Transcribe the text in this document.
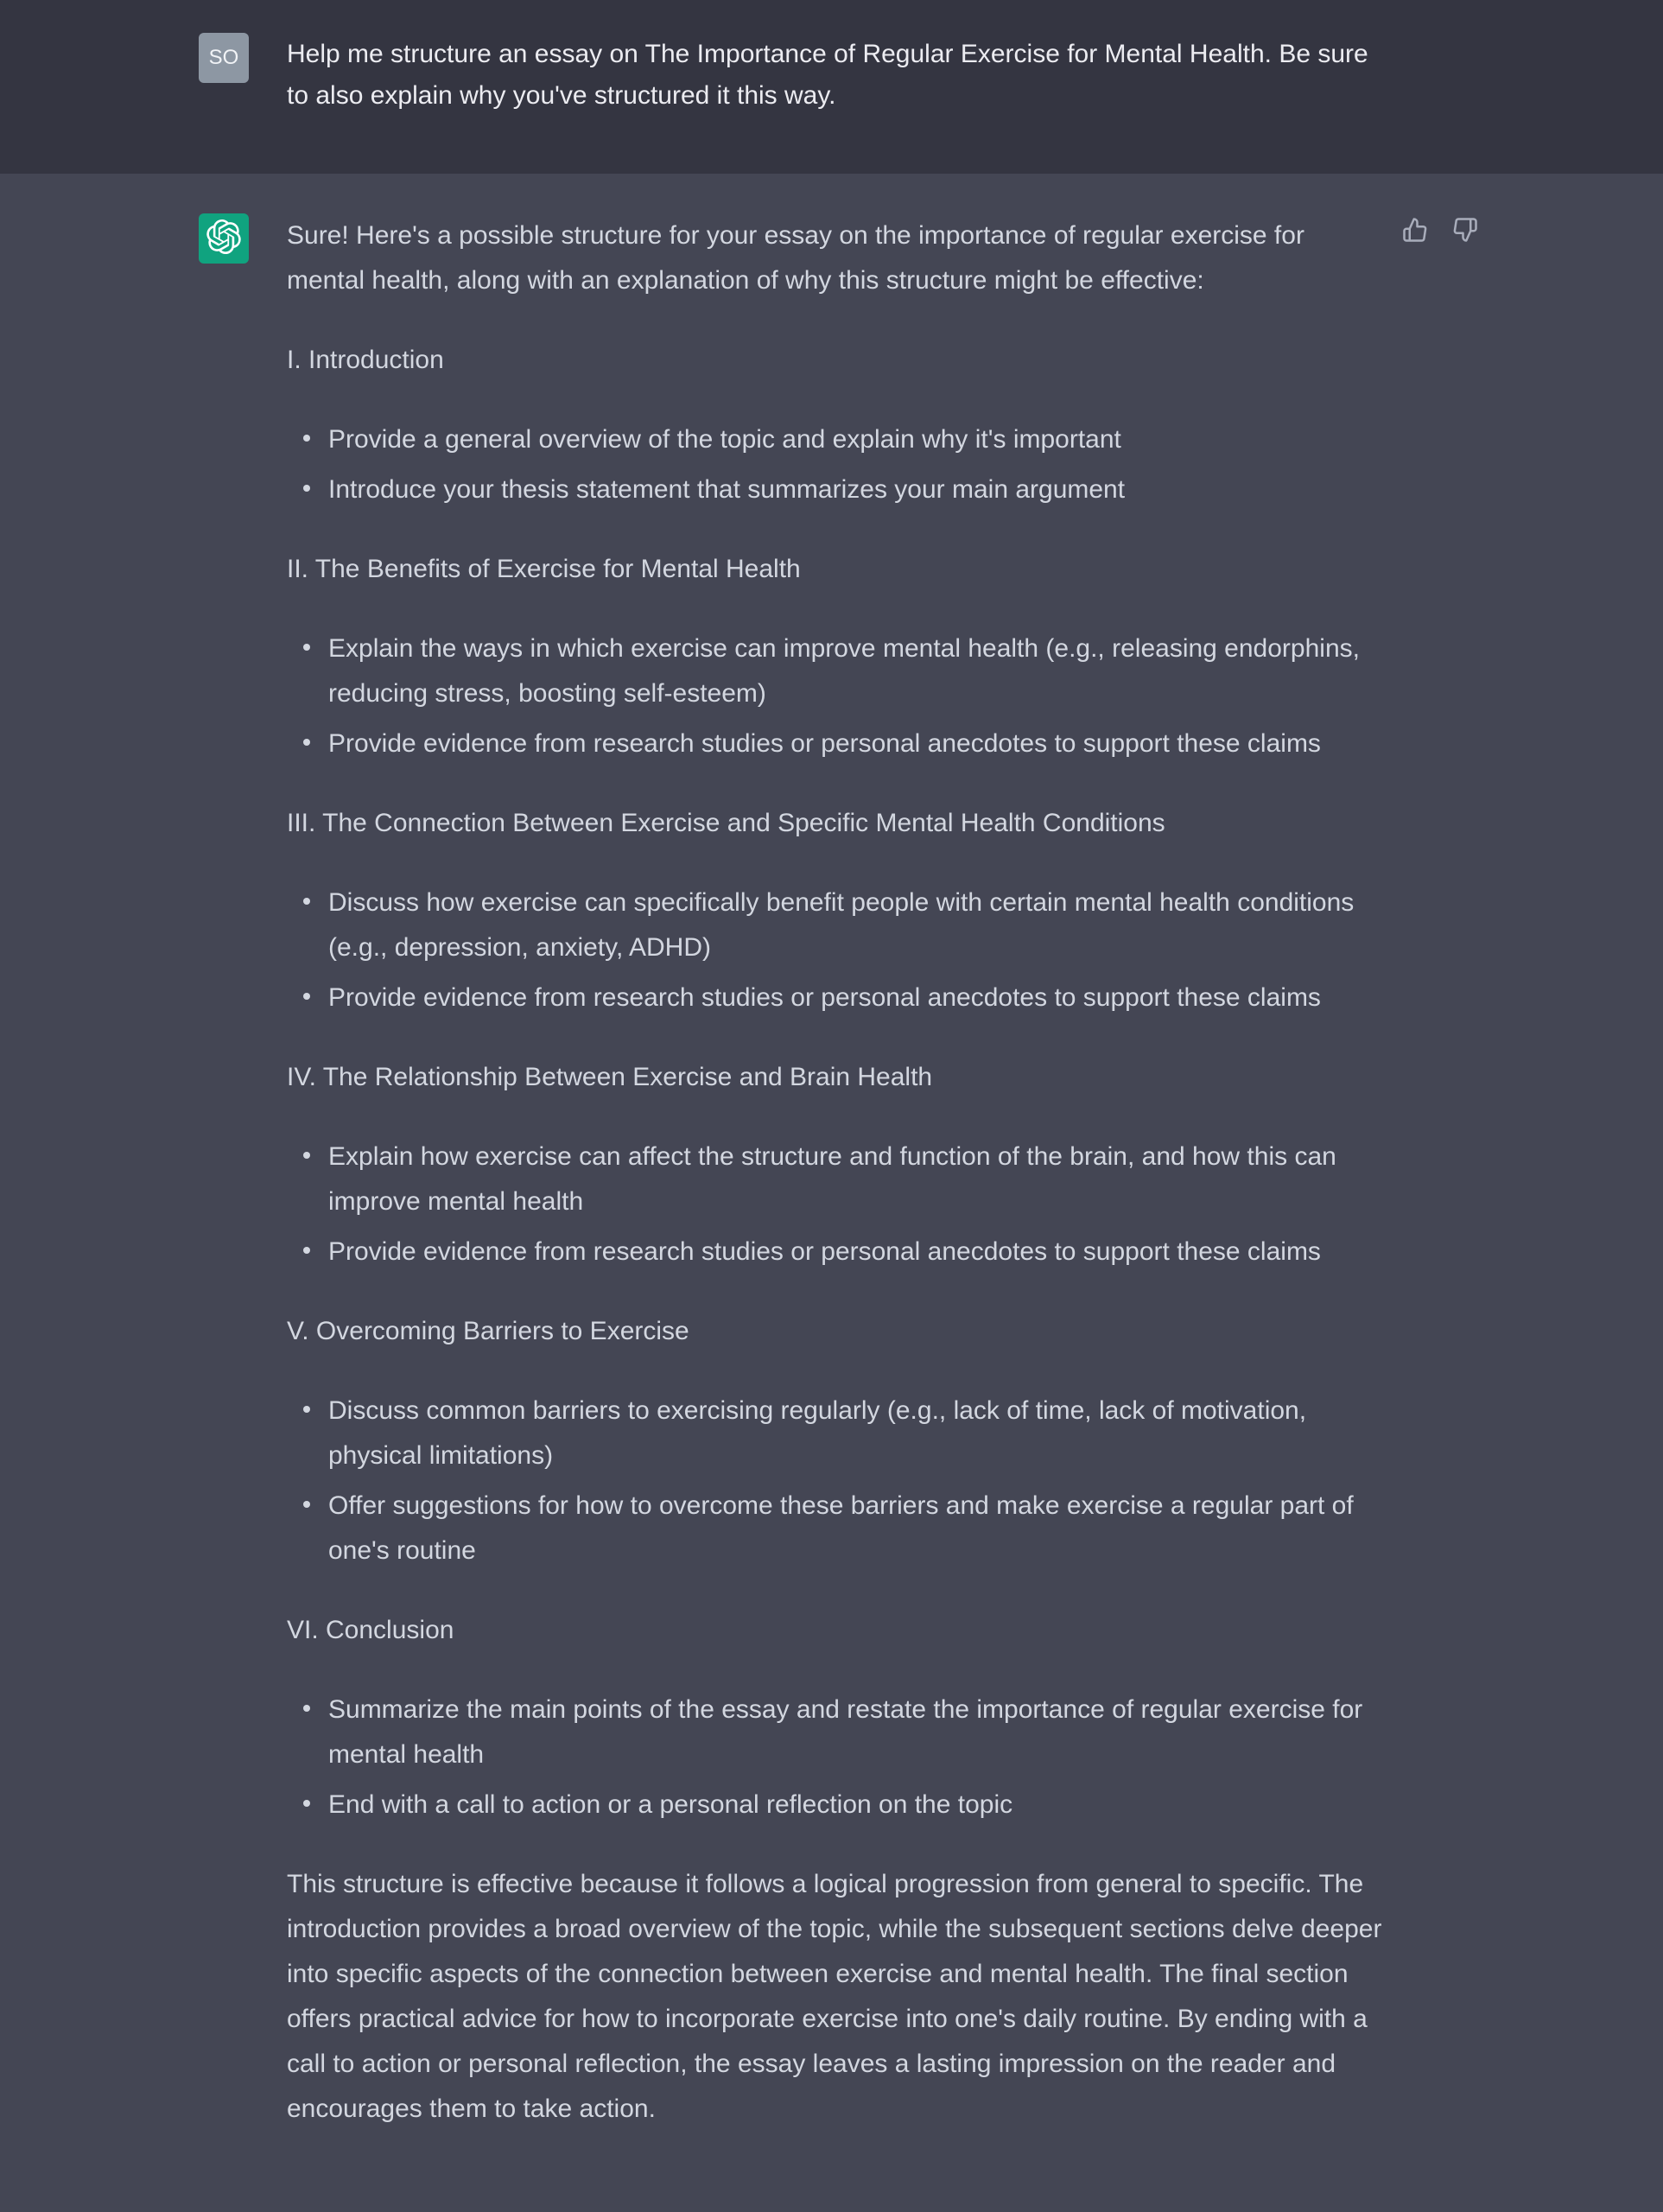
SO Help me structure an essay on The Importance of Regular Exercise for Mental Health. Be sure to also explain why you've structured it this way.

Sure! Here's a possible structure for your essay on the importance of regular exercise for mental health, along with an explanation of why this structure might be effective:

I. Introduction

Provide a general overview of the topic and explain why it's important
Introduce your thesis statement that summarizes your main argument

II. The Benefits of Exercise for Mental Health

Explain the ways in which exercise can improve mental health (e.g., releasing endorphins, reducing stress, boosting self-esteem)
Provide evidence from research studies or personal anecdotes to support these claims

III. The Connection Between Exercise and Specific Mental Health Conditions

Discuss how exercise can specifically benefit people with certain mental health conditions (e.g., depression, anxiety, ADHD)
Provide evidence from research studies or personal anecdotes to support these claims

IV. The Relationship Between Exercise and Brain Health

Explain how exercise can affect the structure and function of the brain, and how this can improve mental health
Provide evidence from research studies or personal anecdotes to support these claims

V. Overcoming Barriers to Exercise

Discuss common barriers to exercising regularly (e.g., lack of time, lack of motivation, physical limitations)
Offer suggestions for how to overcome these barriers and make exercise a regular part of one's routine

VI. Conclusion

Summarize the main points of the essay and restate the importance of regular exercise for mental health
End with a call to action or a personal reflection on the topic

This structure is effective because it follows a logical progression from general to specific. The introduction provides a broad overview of the topic, while the subsequent sections delve deeper into specific aspects of the connection between exercise and mental health. The final section offers practical advice for how to incorporate exercise into one's daily routine. By ending with a call to action or personal reflection, the essay leaves a lasting impression on the reader and encourages them to take action.
